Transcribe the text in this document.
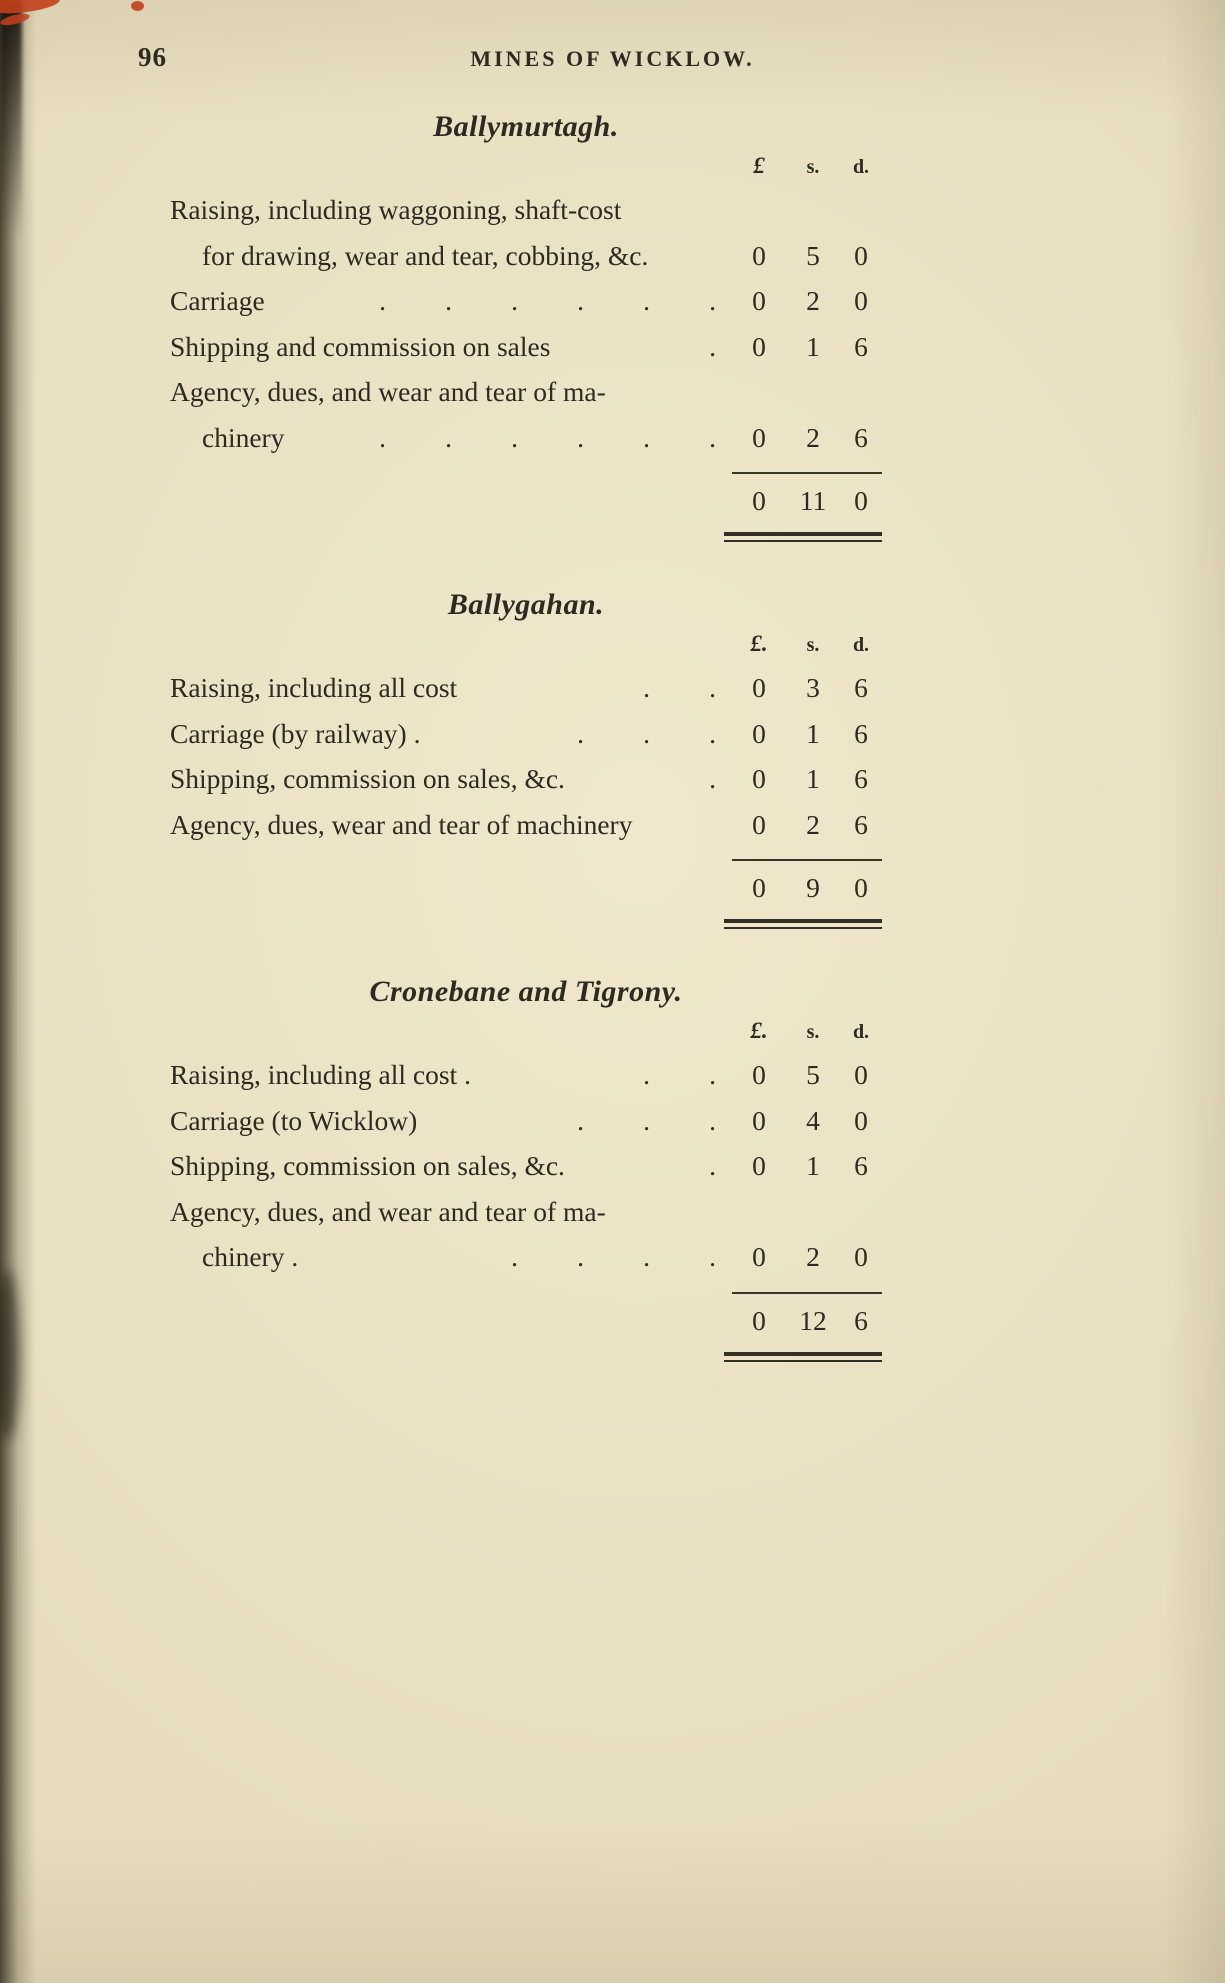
96	MINES OF WICKLOW.
Ballymurtagh.
£	s.	d.
Raising, including waggoning, shaft-cost
for drawing, wear and tear, cobbing, &c.	0	5	0
Carriage	. . . . . .	0	2	0
Shipping and commission on sales	.	0	1	6
Agency, dues, and wear and tear of ma-
chinery	. . . . . .	0	2	6
0	11	0
Ballygahan.
£.	s.	d.
Raising, including all cost	. .	0	3	6
Carriage (by railway) .	. . .	0	1	6
Shipping, commission on sales, &c.	.	0	1	6
Agency, dues, wear and tear of machinery	0	2	6
0	9	0
Cronebane and Tigrony.
£.	s.	d.
Raising, including all cost .	. .	0	5	0
Carriage (to Wicklow)	. . .	0	4	0
Shipping, commission on sales, &c.	.	0	1	6
Agency, dues, and wear and tear of ma-
chinery .	. . . .	0	2	0
0	12 6
